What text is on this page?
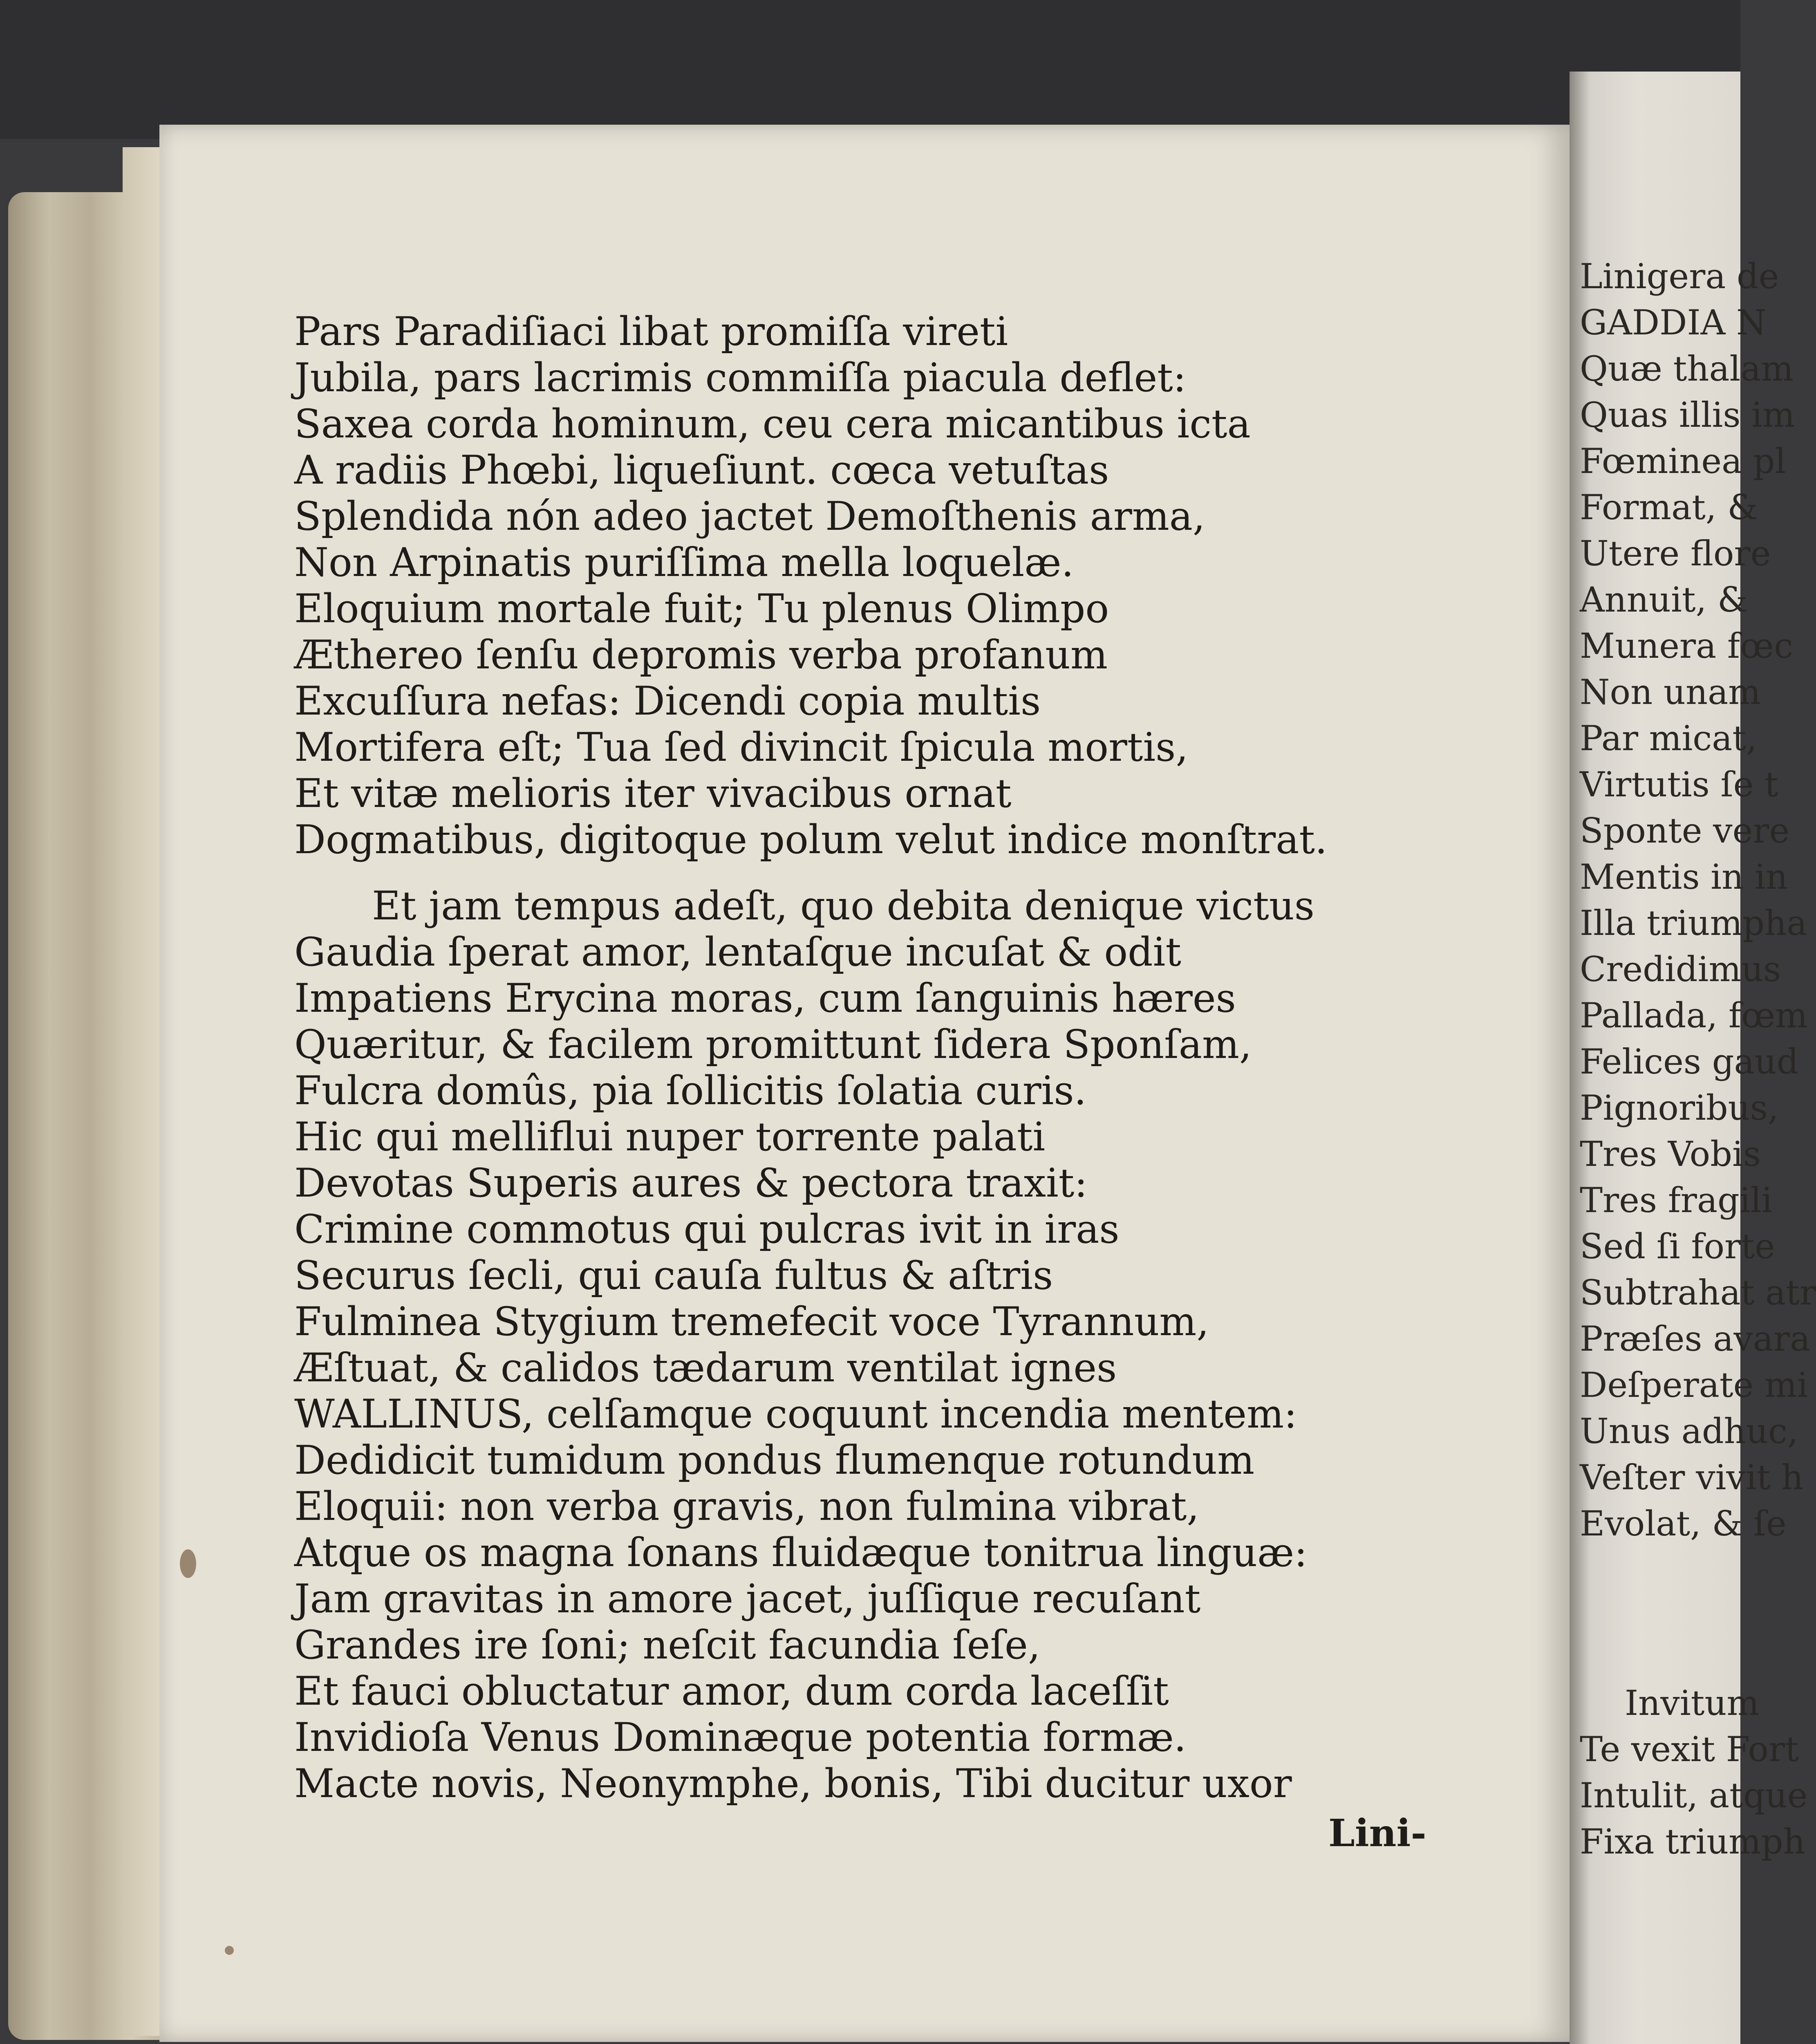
Pars Paradiſiaci libat promiſſa vireti
Jubila, pars lacrimis commiſſa piacula deflet:
Saxea corda hominum, ceu cera micantibus icta
A radiis Phœbi, liqueſiunt. cœca vetuſtas
Splendida nón adeo jactet Demoſthenis arma,
Non Arpinatis puriſſima mella loquelæ.
Eloquium mortale fuit; Tu plenus Olimpo
Æthereo ſenſu depromis verba profanum
Excuſſura nefas: Dicendi copia multis
Mortifera eſt; Tua ſed divincit ſpicula mortis,
Et vitæ melioris iter vivacibus ornat
Dogmatibus, digitoque polum velut indice monſtrat.
Et jam tempus adeſt, quo debita denique victus
Gaudia ſperat amor, lentaſque incuſat & odit
Impatiens Erycina moras, cum ſanguinis hæres
Quæritur, & facilem promittunt ſidera Sponſam,
Fulcra domûs, pia ſollicitis ſolatia curis.
Hic qui melliflui nuper torrente palati
Devotas Superis aures & pectora traxit:
Crimine commotus qui pulcras ivit in iras
Securus ſecli, qui cauſa fultus & aſtris
Fulminea Stygium tremefecit voce Tyrannum,
Æſtuat, & calidos tædarum ventilat ignes
WALLINUS, celſamque coquunt incendia mentem:
Dedidicit tumidum pondus flumenque rotundum
Eloquii: non verba gravis, non fulmina vibrat,
Atque os magna ſonans fluidæque tonitrua linguæ:
Jam gravitas in amore jacet, juſſique recuſant
Grandes ire ſoni; neſcit facundia ſeſe,
Et fauci obluctatur amor, dum corda laceſſit
Invidioſa Venus Dominæque potentia formæ.
Macte novis, Neonymphe, bonis, Tibi ducitur uxor
Lini-
Linigera de
GADDIA N
Quæ thalam
Quas illis im
Fœminea pl
Format, &
Utere flore
Annuit, &
Munera fœc
Non unam
Par micat,
Virtutis ſe t
Sponte vere
Mentis in in
Illa triumpha
Credidimus
Pallada, fœm
Felices gaud
Pignoribus,
Tres Vobis
Tres fragili
Sed ſi forte
Subtrahat atr
Præſes avara
Deſperate mi
Unus adhuc,
Veſter vivit h
Evolat, & ſe
Invitum
Te vexit Fort
Intulit, atque
Fixa triumph
